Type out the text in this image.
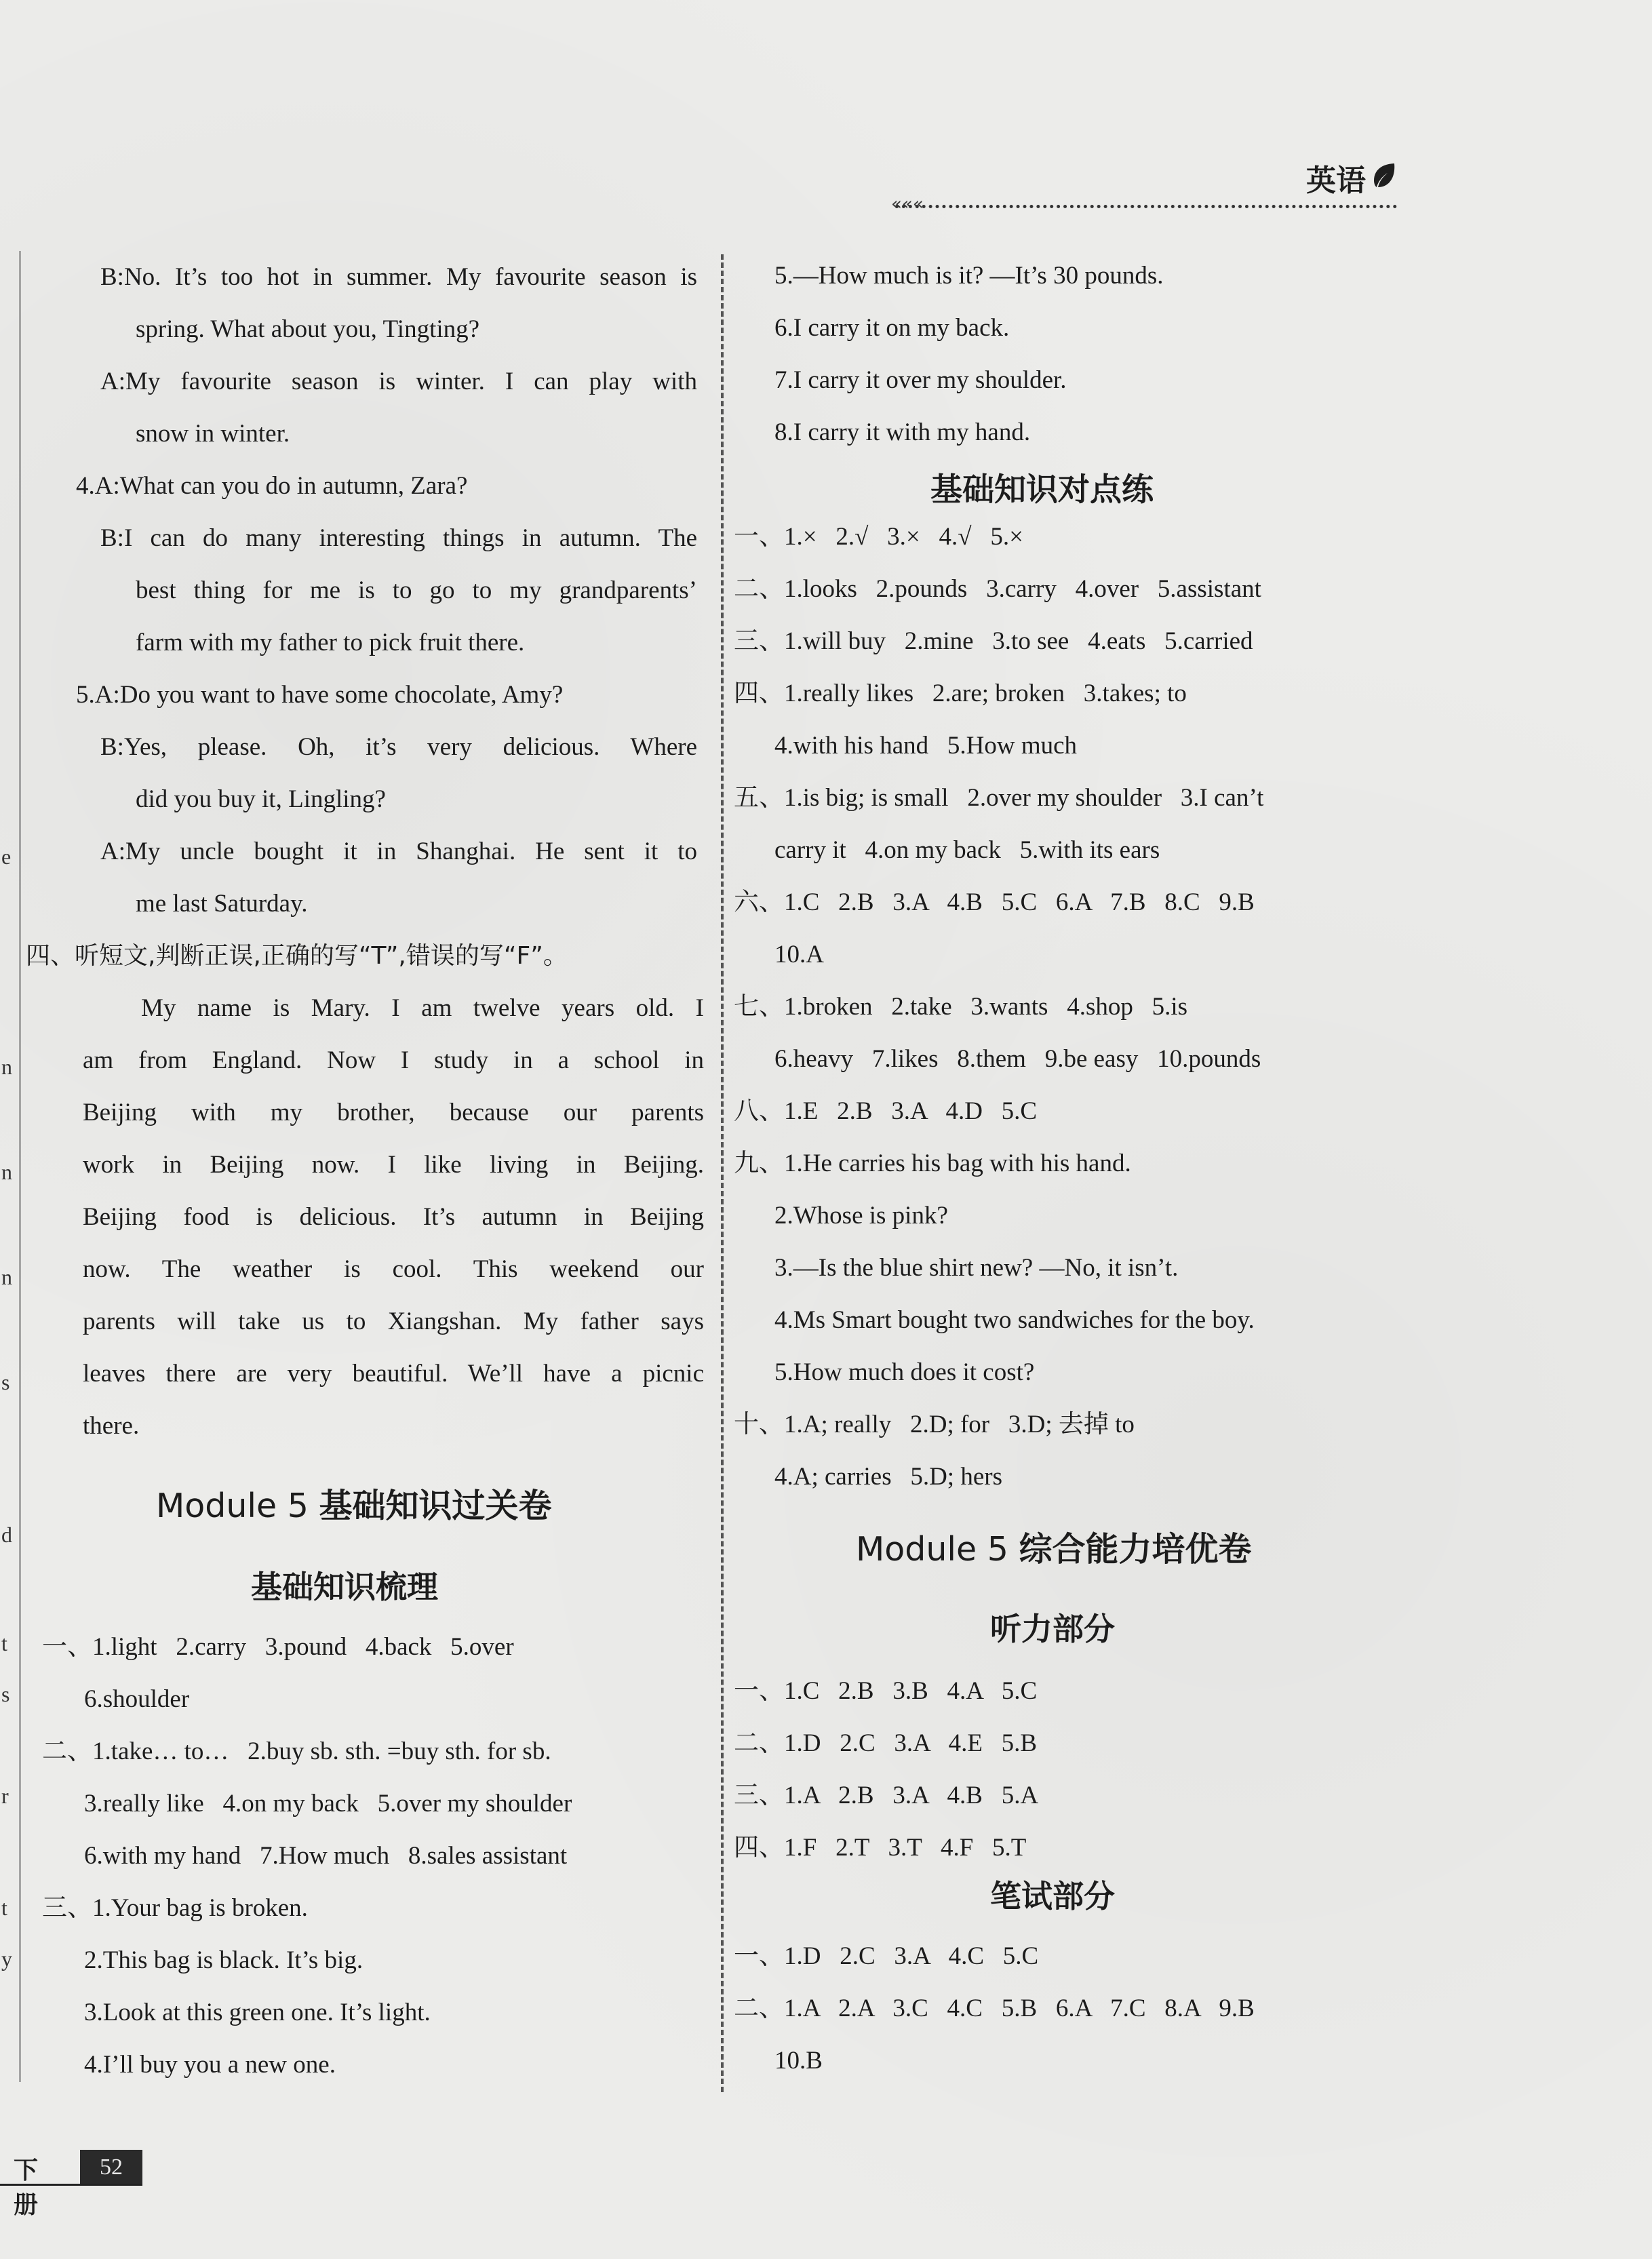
e
n
n
n
s
d
t
s
r
t
y
英语
«««
B:No. It’s too hot in summer. My favourite season is
spring. What about you, Tingting?
A:My favourite season is winter. I can play with
snow in winter.
4.A:What can you do in autumn, Zara?
B:I can do many interesting things in autumn. The
best thing for me is to go to my grandparents’
farm with my father to pick fruit there.
5.A:Do you want to have some chocolate, Amy?
B:Yes, please. Oh, it’s very delicious. Where
did you buy it, Lingling?
A:My uncle bought it in Shanghai. He sent it to
me last Saturday.
四、听短文,判断正误,正确的写“T”,错误的写“F”。
My name is Mary. I am twelve years old. I
am from England. Now I study in a school in
Beijing with my brother, because our parents
work in Beijing now. I like living in Beijing.
Beijing food is delicious. It’s autumn in Beijing
now. The weather is cool. This weekend our
parents will take us to Xiangshan. My father says
leaves there are very beautiful. We’ll have a picnic
there.
Module 5 基础知识过关卷
基础知识梳理
一、1.light   2.carry   3.pound   4.back   5.over
6.shoulder
二、1.take… to…   2.buy sb. sth. =buy sth. for sb.
3.really like   4.on my back   5.over my shoulder
6.with my hand   7.How much   8.sales assistant
三、1.Your bag is broken.
2.This bag is black. It’s big.
3.Look at this green one. It’s light.
4.I’ll buy you a new one.
5.—How much is it? —It’s 30 pounds.
6.I carry it on my back.
7.I carry it over my shoulder.
8.I carry it with my hand.
基础知识对点练
一、1.×   2.√   3.×   4.√   5.×
二、1.looks   2.pounds   3.carry   4.over   5.assistant
三、1.will buy   2.mine   3.to see   4.eats   5.carried
四、1.really likes   2.are; broken   3.takes; to
4.with his hand   5.How much
五、1.is big; is small   2.over my shoulder   3.I can’t
carry it   4.on my back   5.with its ears
六、1.C   2.B   3.A   4.B   5.C   6.A   7.B   8.C   9.B
10.A
七、1.broken   2.take   3.wants   4.shop   5.is
6.heavy   7.likes   8.them   9.be easy   10.pounds
八、1.E   2.B   3.A   4.D   5.C
九、1.He carries his bag with his hand.
2.Whose is pink?
3.—Is the blue shirt new? —No, it isn’t.
4.Ms Smart bought two sandwiches for the boy.
5.How much does it cost?
十、1.A; really   2.D; for   3.D; 去掉 to
4.A; carries   5.D; hers
Module 5 综合能力培优卷
听力部分
一、1.C   2.B   3.B   4.A   5.C
二、1.D   2.C   3.A   4.E   5.B
三、1.A   2.B   3.A   4.B   5.A
四、1.F   2.T   3.T   4.F   5.T
笔试部分
一、1.D   2.C   3.A   4.C   5.C
二、1.A   2.A   3.C   4.C   5.B   6.A   7.C   8.A   9.B
10.B
下册
52
